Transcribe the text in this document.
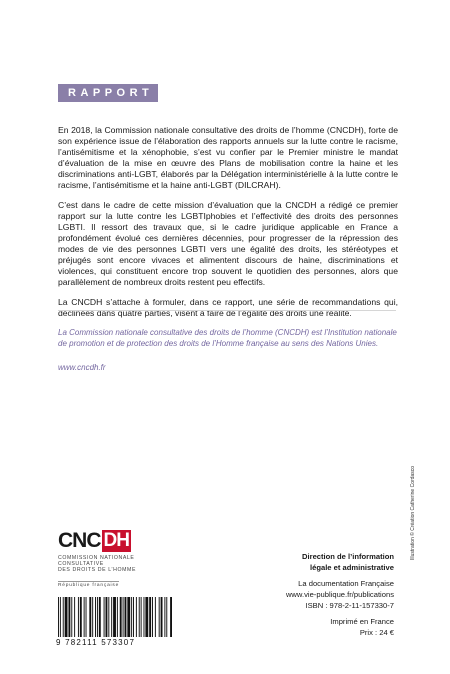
RAPPORT

En 2018, la Commission nationale consultative des droits de l’homme (CNCDH), forte de son expérience issue de l’élaboration des rapports annuels sur la lutte contre le racisme, l’antisémitisme et la xénophobie, s’est vu confier par le Premier ministre le mandat d’évaluation de la mise en œuvre des Plans de mobilisation contre la haine et les discriminations anti-LGBT, élaborés par la Délégation interministérielle à la lutte contre le racisme, l’antisémitisme et la haine anti-LGBT (DILCRAH).

C’est dans le cadre de cette mission d’évaluation que la CNCDH a rédigé ce premier rapport sur la lutte contre les LGBTIphobies et l’effectivité des droits des personnes LGBTI. Il ressort des travaux que, si le cadre juridique applicable en France a profondément évolué ces dernières décennies, pour progresser de la répression des modes de vie des personnes LGBTI vers une égalité des droits, les stéréotypes et préjugés sont encore vivaces et alimentent discours de haine, discriminations et violences, qui constituent encore trop souvent le quotidien des personnes, alors que parallèlement de nombreux droits restent peu effectifs.

La CNCDH s’attache à formuler, dans ce rapport, une série de recommandations qui, déclinées dans quatre parties, visent à faire de l’égalité des droits une réalité.

La Commission nationale consultative des droits de l’homme (CNCDH) est l’Institution nationale de promotion et de protection des droits de l’Homme française au sens des Nations Unies.
www.cncdh.fr
CNC DH
COMMISSION NATIONALE
CONSULTATIVE
DES DROITS DE L’HOMME
République française
9 782111 573307
Direction de l’information
légale et administrative
La documentation Française
www.vie-publique.fr/publications
ISBN : 978-2-11-157330-7
Imprimé en France
Prix : 24 €
Illustration © Création Catherine Cordasco
